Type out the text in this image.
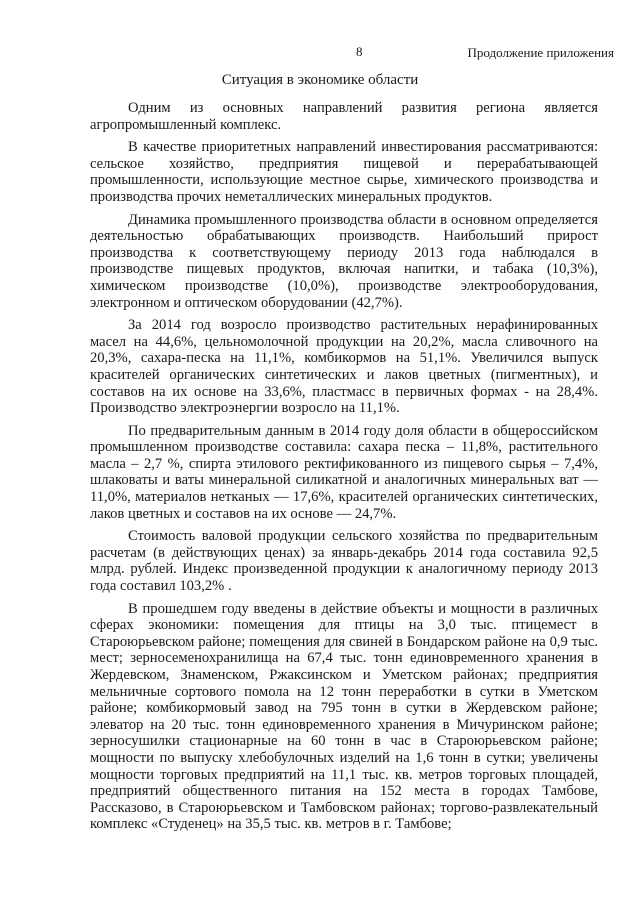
8	Продолжение приложения
Ситуация в экономике области

Одним из основных направлений развития региона является агропромышленный комплекс.

В качестве приоритетных направлений инвестирования рассматриваются: сельское хозяйство, предприятия пищевой и перерабатывающей промышленности, использующие местное сырье, химического производства и производства прочих неметаллических минеральных продуктов.

Динамика промышленного производства области в основном определяется деятельностью обрабатывающих производств. Наибольший прирост производства к соответствующему периоду 2013 года наблюдался в производстве пищевых продуктов, включая напитки, и табака (10,3%), химическом производстве (10,0%), производстве электрооборудования, электронном и оптическом оборудовании (42,7%).

За 2014 год возросло производство растительных нерафинированных масел на 44,6%, цельномолочной продукции на 20,2%, масла сливочного на 20,3%, сахара-песка на 11,1%, комбикормов на 51,1%. Увеличился выпуск красителей органических синтетических и лаков цветных (пигментных), и составов на их основе на 33,6%, пластмасс в первичных формах - на 28,4%. Производство электроэнергии возросло на 11,1%.

По предварительным данным в 2014 году доля области в общероссийском промышленном производстве составила: сахара песка – 11,8%, растительного масла – 2,7 %, спирта этилового ректификованного из пищевого сырья – 7,4%, шлаковаты и ваты минеральной силикатной и аналогичных минеральных ват — 11,0%, материалов нетканых — 17,6%, красителей органических синтетических, лаков цветных и составов на их основе — 24,7%.

Стоимость валовой продукции сельского хозяйства по предварительным расчетам (в действующих ценах) за январь-декабрь 2014 года составила 92,5 млрд. рублей. Индекс произведенной продукции к аналогичному периоду 2013 года составил 103,2% .

В прошедшем году введены в действие объекты и мощности в различных сферах экономики: помещения для птицы на 3,0 тыс. птицемест в Староюрьевском районе; помещения для свиней в Бондарском районе на 0,9 тыс. мест; зерносеменохранилища на 67,4 тыс. тонн единовременного хранения в Жердевском, Знаменском, Ржаксинском и Уметском районах; предприятия мельничные сортового помола на 12 тонн переработки в сутки в Уметском районе; комбикормовый завод на 795 тонн в сутки в Жердевском районе; элеватор на 20 тыс. тонн единовременного хранения в Мичуринском районе; зерносушилки стационарные на 60 тонн в час в Староюрьевском районе; мощности по выпуску хлебобулочных изделий на 1,6 тонн в сутки; увеличены мощности торговых предприятий на 11,1 тыс. кв. метров торговых площадей, предприятий общественного питания на 152 места в городах Тамбове, Рассказово, в Староюрьевском и Тамбовском районах; торгово-развлекательный комплекс «Студенец» на 35,5 тыс. кв. метров в г. Тамбове;
